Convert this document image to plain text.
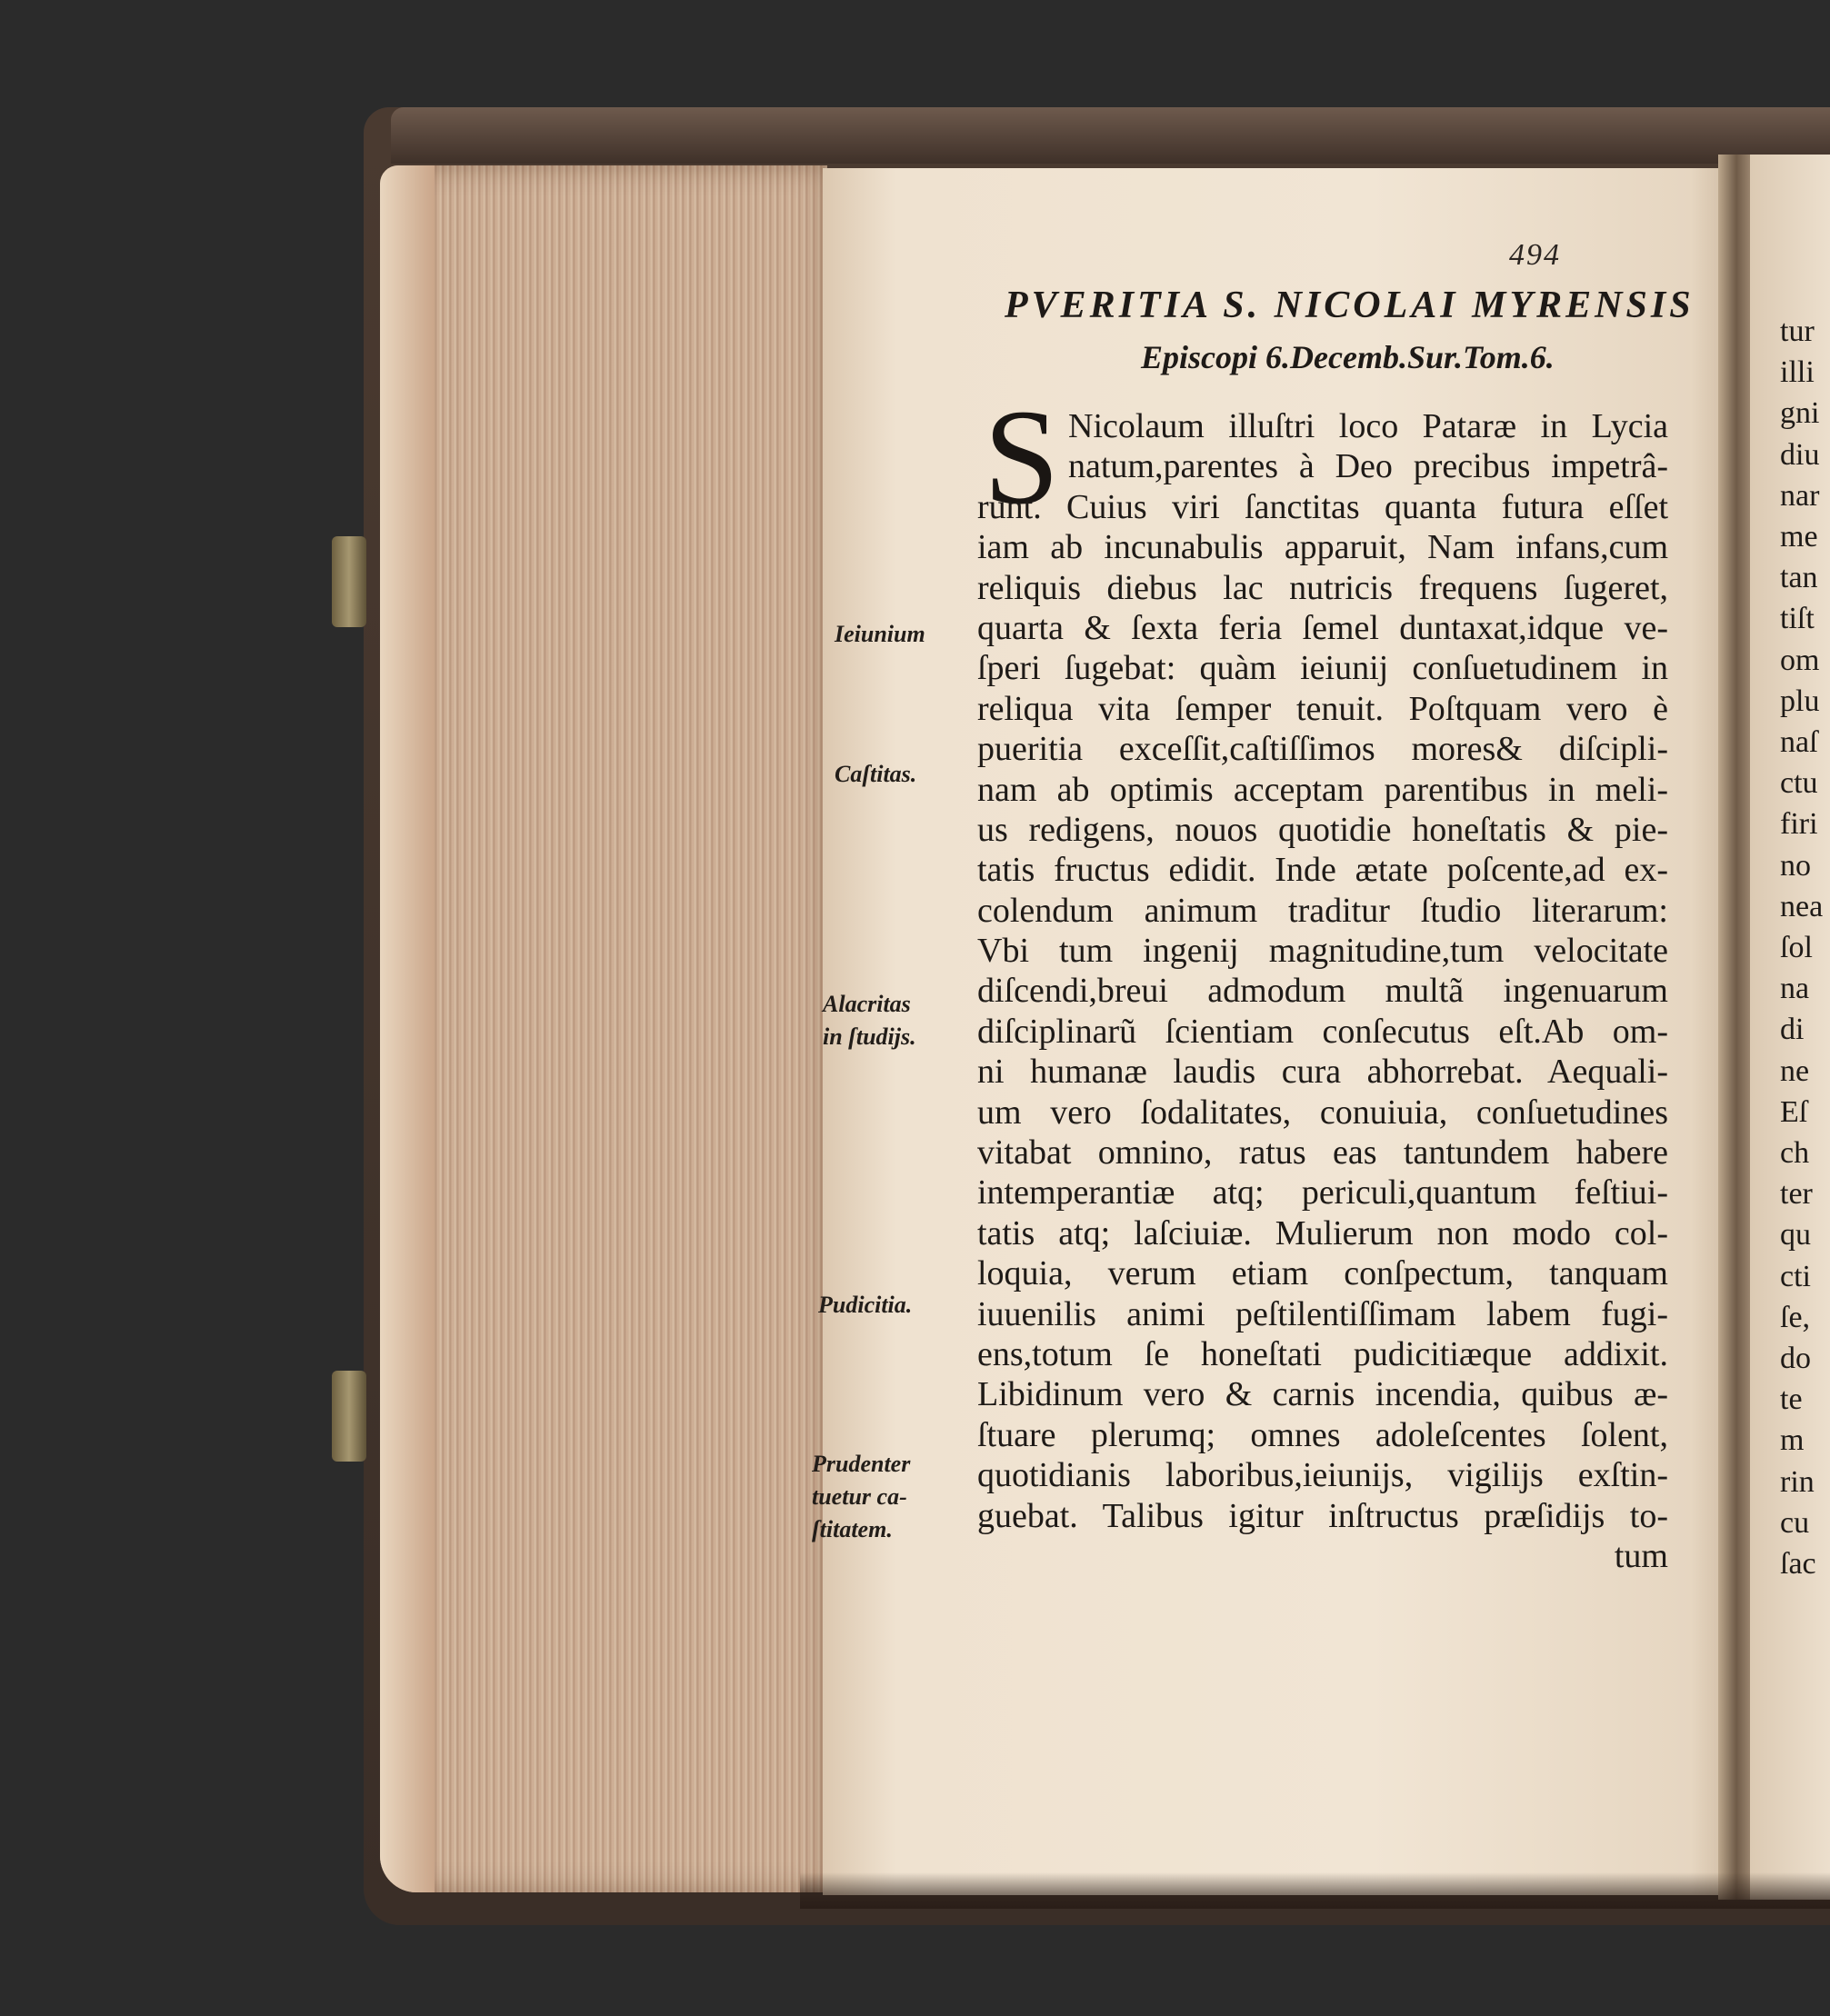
494
PVERITIA S. NICOLAI MYRENSIS
Episcopi 6.Decemb.Sur.Tom.6.
S Nicolaum illuſtri loco Pataræ in Lycia
natum,parentes à Deo precibus impetrâ-
runt. Cuius viri ſanctitas quanta futura eſſet
iam ab incunabulis apparuit, Nam infans,cum
reliquis diebus lac nutricis frequens ſugeret,
quarta & ſexta feria ſemel duntaxat,idque ve-
ſperi ſugebat: quàm ieiunij conſuetudinem in
reliqua vita ſemper tenuit. Poſtquam vero è
pueritia exceſſit,caſtiſſimos mores& diſcipli-
nam ab optimis acceptam parentibus in meli-
us redigens, nouos quotidie honeſtatis & pie-
tatis fructus edidit. Inde ætate poſcente,ad ex-
colendum animum traditur ſtudio literarum:
Vbi tum ingenij magnitudine,tum velocitate
diſcendi,breui admodum multã ingenuarum
diſciplinarũ ſcientiam conſecutus eſt.Ab om-
ni humanæ laudis cura abhorrebat. Aequali-
um vero ſodalitates, conuiuia, conſuetudines
vitabat omnino, ratus eas tantundem habere
intemperantiæ atq; periculi,quantum feſtiui-
tatis atq; laſciuiæ. Mulierum non modo col-
loquia, verum etiam conſpectum, tanquam
iuuenilis animi peſtilentiſſimam labem fugi-
ens,totum ſe honeſtati pudicitiæque addixit.
Libidinum vero & carnis incendia, quibus æ-
ſtuare plerumq; omnes adoleſcentes ſolent,
quotidianis laboribus,ieiunijs, vigilijs exſtin-
guebat. Talibus igitur inſtructus præſidijs to-
tum
Ieiunium
Caſtitas.
Alacritas
in ſtudijs.
Pudicitia.
Prudenter
tuetur ca-
ſtitatem.
tur
illi
gni
diu
nar
me
tan
tiſt
om
plu
naſ
ctu
firi
no
nea
ſol
na
di
ne
Eſ
ch
ter
qu
cti
ſe,
do
te
m
rin
cu
ſac
